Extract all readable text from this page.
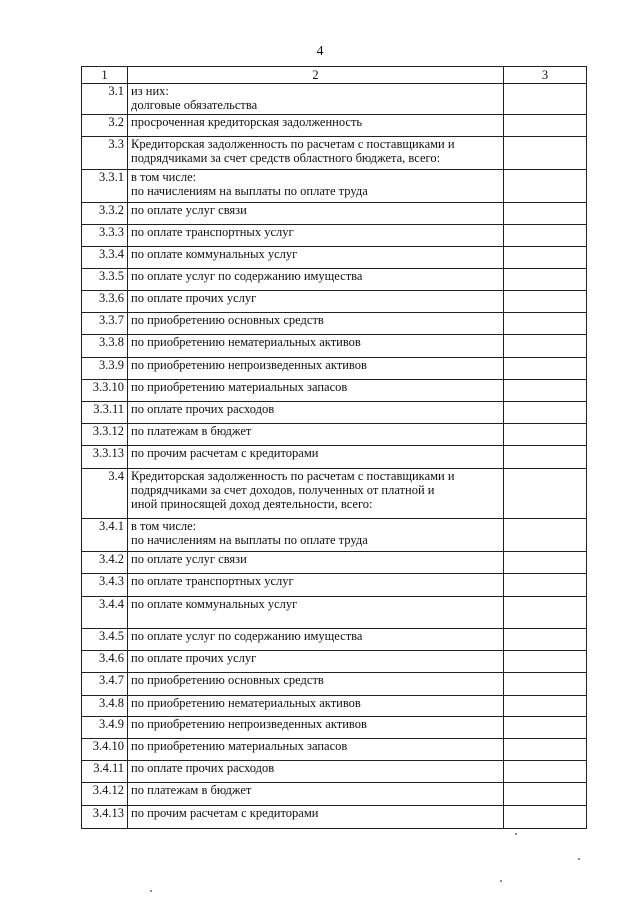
4
1	2	3
3.1	из них:
долговые обязательства	

3.2	просроченная кредиторская задолженность	

3.3	Кредиторская задолженность по расчетам с поставщиками и
подрядчиками за счет средств областного бюджета, всего:	

3.3.1	в том числе:
по начислениям на выплаты по оплате труда	

3.3.2	по оплате услуг связи	

3.3.3	по оплате транспортных услуг	

3.3.4	по оплате коммунальных услуг	

3.3.5	по оплате услуг по содержанию имущества	

3.3.6	по оплате прочих услуг	

3.3.7	по приобретению основных средств	

3.3.8	по приобретению нематериальных активов	

3.3.9	по приобретению непроизведенных активов	

3.3.10	по приобретению материальных запасов	

3.3.11	по оплате прочих расходов	

3.3.12	по платежам в бюджет	

3.3.13	по прочим расчетам с кредиторами	

3.4	Кредиторская задолженность по расчетам с поставщиками и
подрядчиками за счет доходов, полученных от платной и
иной приносящей доход деятельности, всего:	

3.4.1	в том числе:
по начислениям на выплаты по оплате труда	

3.4.2	по оплате услуг связи	

3.4.3	по оплате транспортных услуг	

3.4.4	по оплате коммунальных услуг	

3.4.5	по оплате услуг по содержанию имущества	

3.4.6	по оплате прочих услуг	

3.4.7	по приобретению основных средств	

3.4.8	по приобретению нематериальных активов	

3.4.9	по приобретению непроизведенных активов	

3.4.10	по приобретению материальных запасов	

3.4.11	по оплате прочих расходов	

3.4.12	по платежам в бюджет	

3.4.13	по прочим расчетам с кредиторами	
